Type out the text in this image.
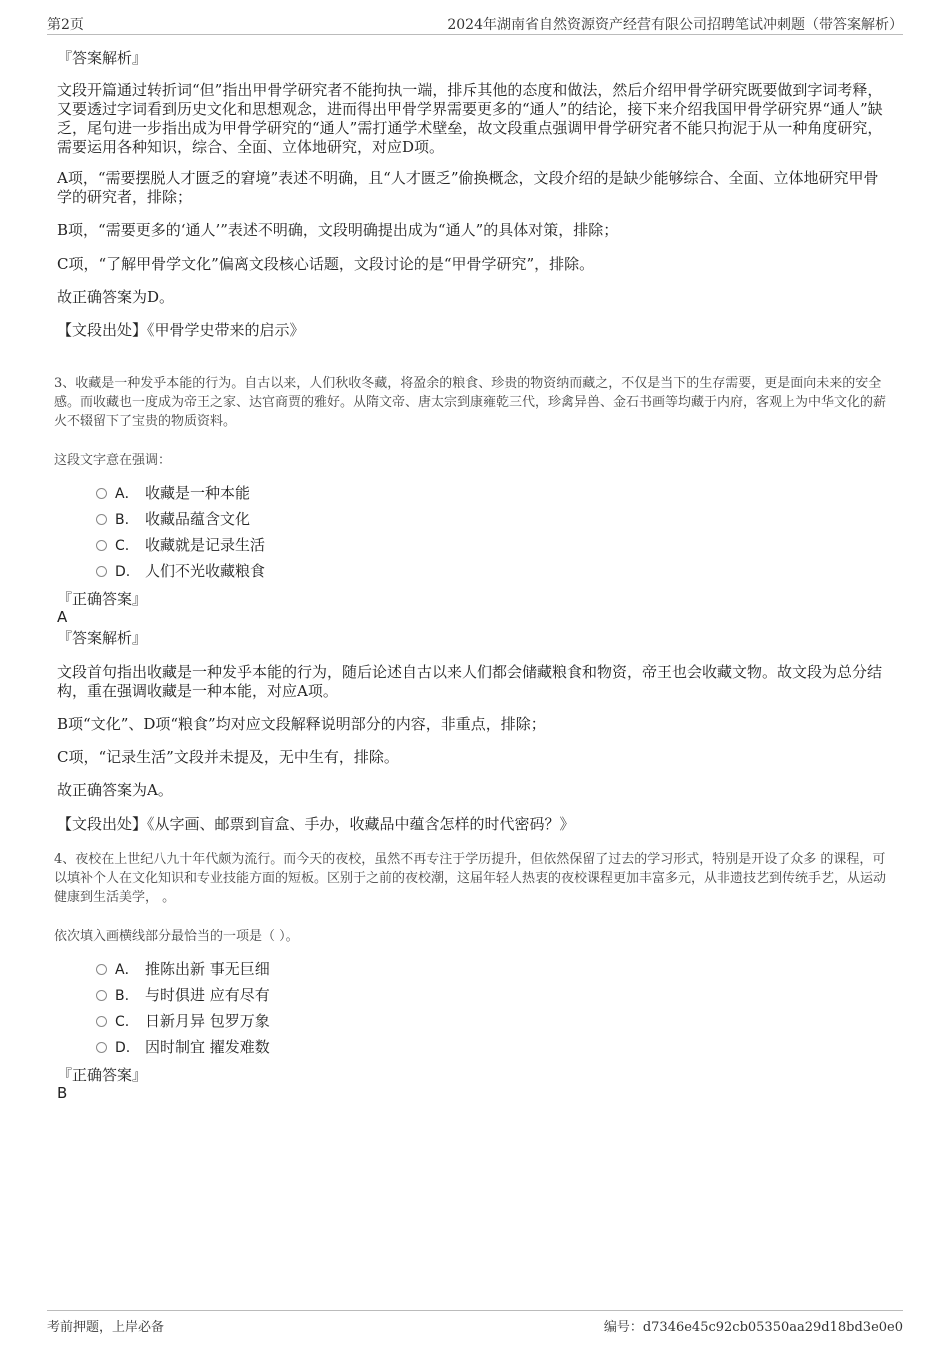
第2页	2024年湖南省自然资源资产经营有限公司招聘笔试冲刺题（带答案解析）
『答案解析』

文段开篇通过转折词“但”指出甲骨学研究者不能拘执一端，排斥其他的态度和做法，然后介绍甲骨学研究既要做到字词考释，又要透过字词看到历史文化和思想观念，进而得出甲骨学界需要更多的“通人”的结论，接下来介绍我国甲骨学研究界“通人”缺乏，尾句进一步指出成为甲骨学研究的“通人”需打通学术壁垒，故文段重点强调甲骨学研究者不能只拘泥于从一种角度研究，需要运用各种知识，综合、全面、立体地研究，对应D项。

A项，“需要摆脱人才匮乏的窘境”表述不明确，且“人才匮乏”偷换概念，文段介绍的是缺少能够综合、全面、立体地研究甲骨学的研究者，排除；

B项，“需要更多的‘通人’”表述不明确，文段明确提出成为“通人”的具体对策，排除；

C项，“了解甲骨学文化”偏离文段核心话题，文段讨论的是“甲骨学研究”，排除。

故正确答案为D。

【文段出处】《甲骨学史带来的启示》

3、收藏是一种发乎本能的行为。自古以来，人们秋收冬藏，将盈余的粮食、珍贵的物资纳而藏之，不仅是当下的生存需要，更是面向未来的安全感。而收藏也一度成为帝王之家、达官商贾的雅好。从隋文帝、唐太宗到康雍乾三代，珍禽异兽、金石书画等均藏于内府，客观上为中华文化的薪火不辍留下了宝贵的物质资料。
这段文字意在强调：
A． 收藏是一种本能
B. 收藏品蕴含文化
C. 收藏就是记录生活
D. 人们不光收藏粮食
『正确答案』
A
『答案解析』

文段首句指出收藏是一种发乎本能的行为，随后论述自古以来人们都会储藏粮食和物资，帝王也会收藏文物。故文段为总分结构，重在强调收藏是一种本能，对应A项。

B项“文化”、D项“粮食”均对应文段解释说明部分的内容，非重点，排除；

C项，“记录生活”文段并未提及，无中生有，排除。

故正确答案为A。

【文段出处】《从字画、邮票到盲盒、手办，收藏品中蕴含怎样的时代密码？》

4、夜校在上世纪八九十年代颇为流行。而今天的夜校，虽然不再专注于学历提升，但依然保留了过去的学习形式，特别是开设了众多 的课程，可以填补个人在文化知识和专业技能方面的短板。区别于之前的夜校潮，这届年轻人热衷的夜校课程更加丰富多元，从非遗技艺到传统手艺，从运动健康到生活美学， 。
依次填入画横线部分最恰当的一项是（ ）。
A． 推陈出新 事无巨细
B. 与时俱进 应有尽有
C. 日新月异 包罗万象
D. 因时制宜 擢发难数
『正确答案』
B
考前押题，上岸必备	编号：d7346e45c92cb05350aa29d18bd3e0e0
